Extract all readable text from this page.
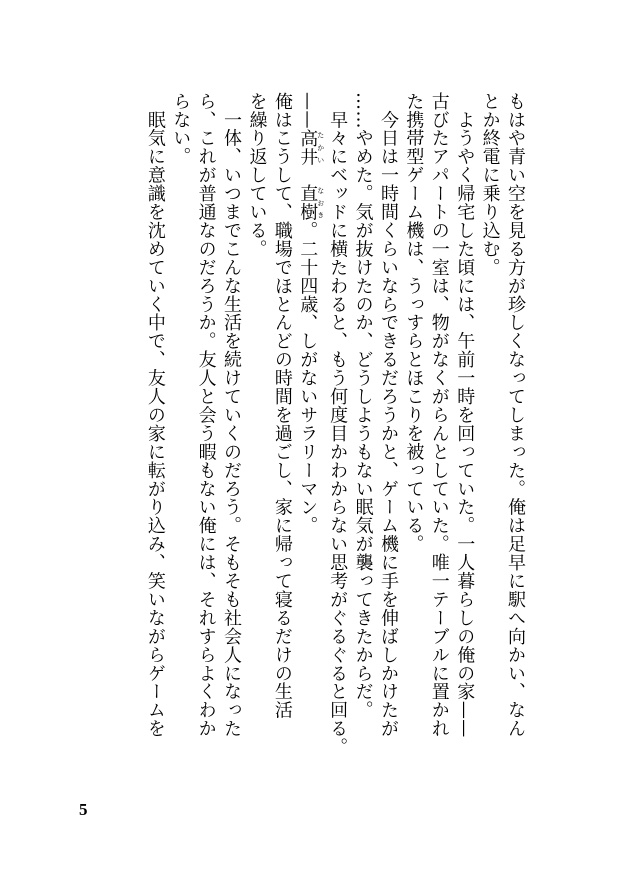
もはや青い空を見る方が珍しくなってしまった。俺は足早に駅へ向かい、なん
とか終電に乗り込む。
　ようやく帰宅した頃には、午前一時を回っていた。一人暮らしの俺の家——
古びたアパートの一室は、物がなくがらんとしていた。唯一テーブルに置かれ
た携帯型ゲーム機は、うっすらとほこりを被っている。
　今日は一時間くらいならできるだろうかと、ゲーム機に手を伸ばしかけたが
……やめた。気が抜けたのか、どうしようもない眠気が襲ってきたからだ。
　早々にベッドに横たわると、もう何度目かわからない思考がぐるぐると回る。
——高井たかい　直樹なおき。二十四歳、しがないサラリーマン。
俺はこうして、職場でほとんどの時間を過ごし、家に帰って寝るだけの生活
を繰り返している。
　一体、いつまでこんな生活を続けていくのだろう。そもそも社会人になった
ら、これが普通なのだろうか。友人と会う暇もない俺には、それすらよくわか
らない。
　眠気に意識を沈めていく中で、友人の家に転がり込み、笑いながらゲームを
5
